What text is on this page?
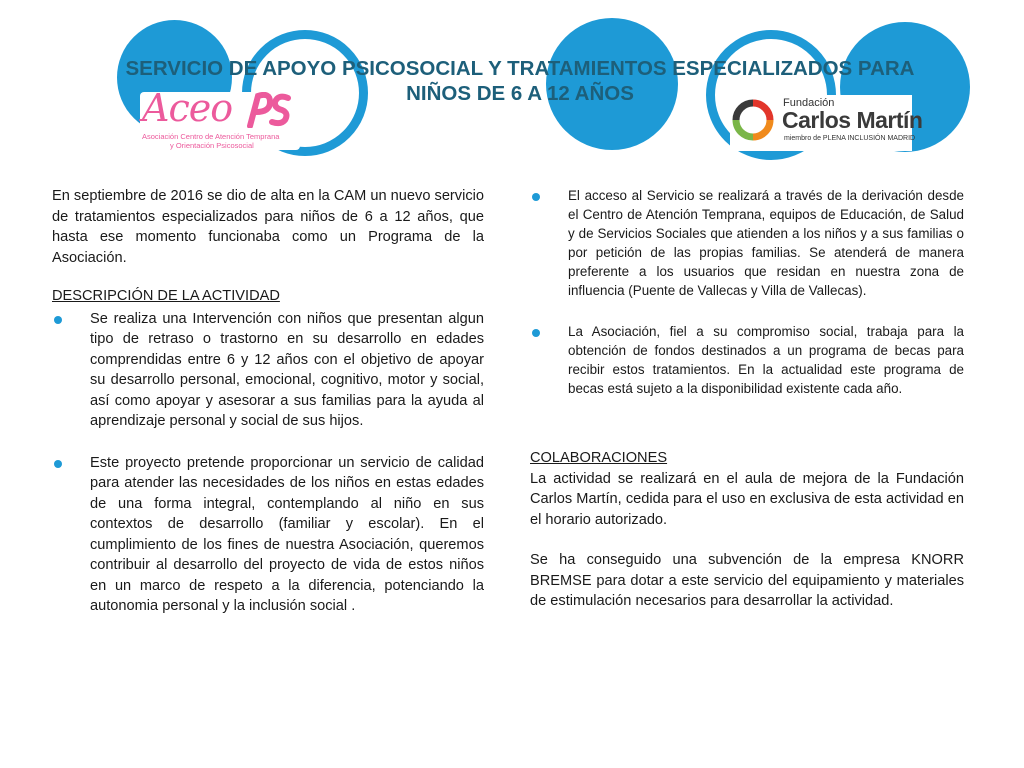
Aceo
Asociación Centro de Atención Temprana
y Orientación Psicosocial
Fundación
Carlos Martín
miembro de PLENA INCLUSIÓN MADRID
SERVICIO DE APOYO PSICOSOCIAL Y TRATAMIENTOS ESPECIALIZADOS PARA
NIÑOS DE 6 A 12 AÑOS

En septiembre de 2016 se dio de alta en la CAM un nuevo servicio de tratamientos especializados para niños de 6 a 12 años, que hasta ese momento funcionaba como un Programa de la Asociación.

DESCRIPCIÓN DE LA ACTIVIDAD

Se realiza una Intervención con niños que presentan algun tipo de retraso o trastorno en su desarrollo en edades comprendidas entre 6 y 12 años con el objetivo de apoyar su desarrollo personal, emocional, cognitivo, motor y social, así como apoyar y asesorar a sus familias para la ayuda al aprendizaje personal y social de sus hijos.
Este proyecto pretende proporcionar un servicio de calidad para atender las necesidades de los niños en estas edades de una forma integral, contemplando al niño en sus contextos de desarrollo (familiar y escolar). En el cumplimiento de los fines de nuestra Asociación, queremos contribuir al desarrollo del proyecto de vida de estos niños en un marco de respeto a la diferencia, potenciando la autonomia personal y la inclusión social .
El acceso al Servicio se realizará a través de la derivación desde el Centro de Atención Temprana, equipos de Educación, de Salud y de Servicios Sociales que atienden a los niños y a sus familias o por petición de las propias familias. Se atenderá de manera preferente a los usuarios que residan en nuestra zona de influencia (Puente de Vallecas y Villa de Vallecas).
La Asociación, fiel a su compromiso social, trabaja para la obtención de fondos destinados a un programa de becas para recibir estos tratamientos. En la actualidad este programa de becas está sujeto a la disponibilidad existente cada año.

COLABORACIONES

La actividad se realizará en el aula de mejora de la Fundación Carlos Martín, cedida para el uso en exclusiva de esta actividad en el horario autorizado.

Se ha conseguido una subvención de la empresa KNORR BREMSE para dotar a este servicio del equipamiento y materiales de estimulación necesarios para desarrollar la actividad.
